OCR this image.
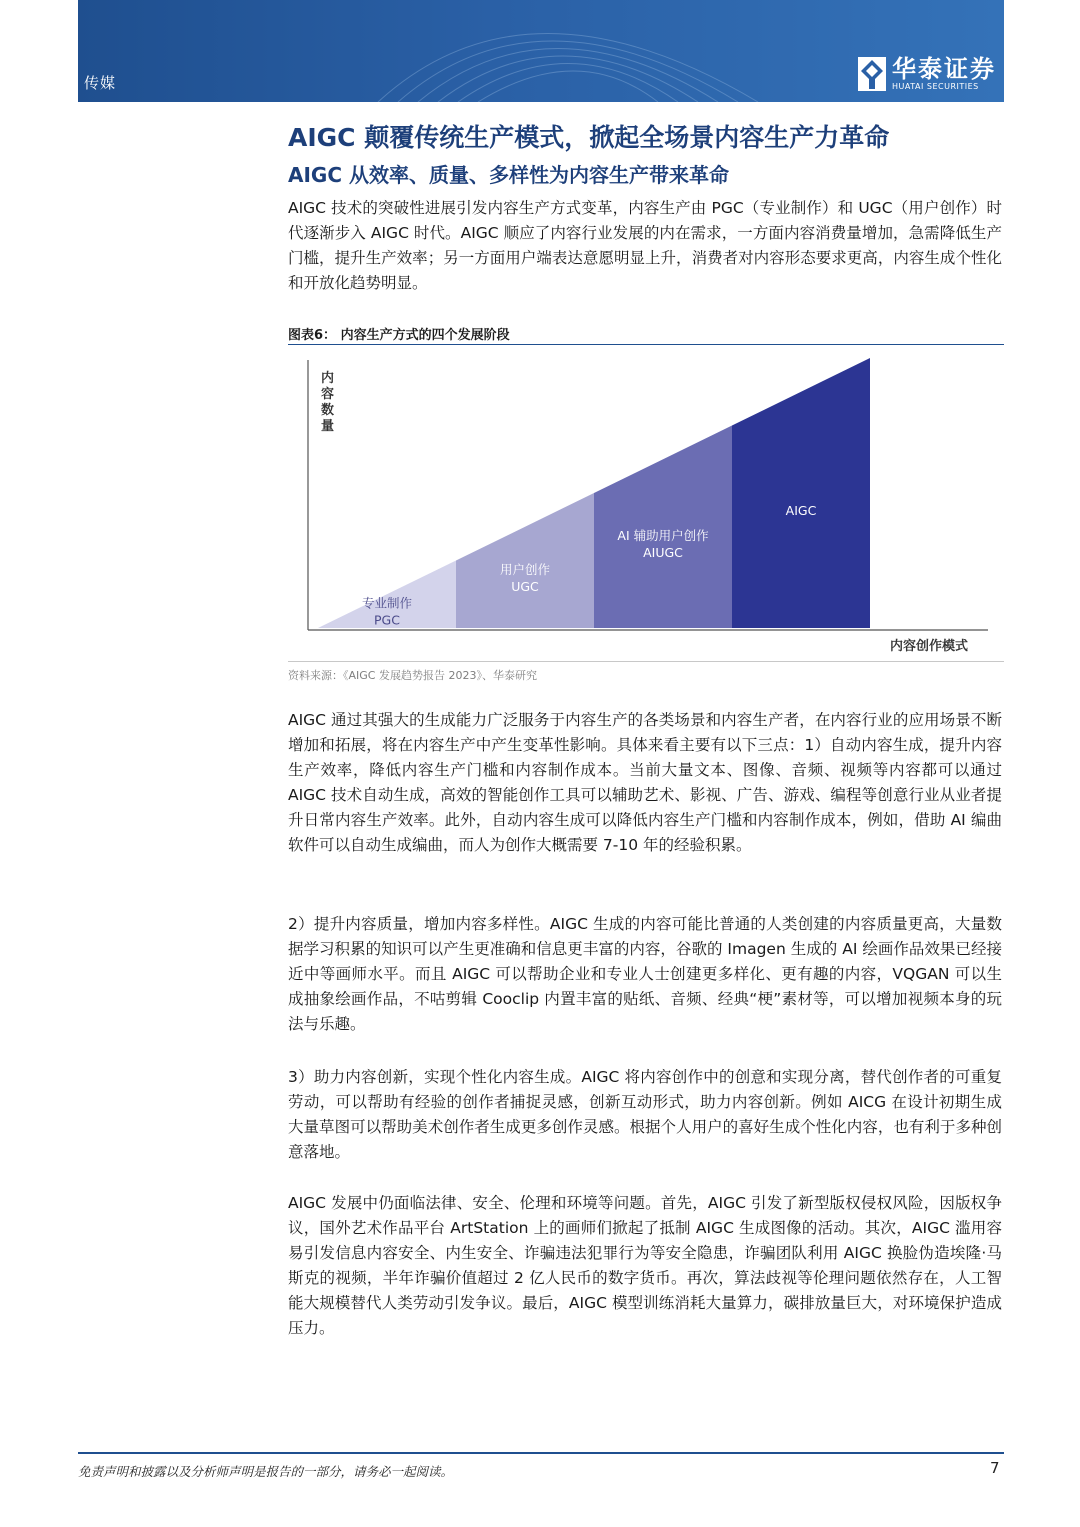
传媒	华泰证券
HUATAI SECURITIES
AIGC 颠覆传统生产模式，掀起全场景内容生产力革命
AIGC 从效率、质量、多样性为内容生产带来革命

AIGC 技术的突破性进展引发内容生产方式变革，内容生产由 PGC（专业制作）和 UGC（用户创作）时代逐渐步入 AIGC 时代。AIGC 顺应了内容行业发展的内在需求，一方面内容消费量增加，急需降低生产门槛，提升生产效率；另一方面用户端表达意愿明显上升，消费者对内容形态要求更高，内容生成个性化和开放化趋势明显。

图表6： 内容生产方式的四个发展阶段
内容数量
内容创作模式
专业制作
PGC
用户创作
UGC
AI 辅助用户创作
AIUGC
AIGC
资料来源：《AIGC 发展趋势报告 2023》、华泰研究

AIGC 通过其强大的生成能力广泛服务于内容生产的各类场景和内容生产者，在内容行业的应用场景不断增加和拓展，将在内容生产中产生变革性影响。具体来看主要有以下三点：1）自动内容生成，提升内容生产效率，降低内容生产门槛和内容制作成本。当前大量文本、图像、音频、视频等内容都可以通过 AIGC 技术自动生成，高效的智能创作工具可以辅助艺术、影视、广告、游戏、编程等创意行业从业者提升日常内容生产效率。此外，自动内容生成可以降低内容生产门槛和内容制作成本，例如，借助 AI 编曲软件可以自动生成编曲，而人为创作大概需要 7-10 年的经验积累。

2）提升内容质量，增加内容多样性。AIGC 生成的内容可能比普通的人类创建的内容质量更高，大量数据学习积累的知识可以产生更准确和信息更丰富的内容，谷歌的 Imagen 生成的 AI 绘画作品效果已经接近中等画师水平。而且 AIGC 可以帮助企业和专业人士创建更多样化、更有趣的内容，VQGAN 可以生成抽象绘画作品，不咕剪辑 Cooclip 内置丰富的贴纸、音频、经典“梗”素材等，可以增加视频本身的玩法与乐趣。

3）助力内容创新，实现个性化内容生成。AIGC 将内容创作中的创意和实现分离，替代创作者的可重复劳动，可以帮助有经验的创作者捕捉灵感，创新互动形式，助力内容创新。例如 AICG 在设计初期生成大量草图可以帮助美术创作者生成更多创作灵感。根据个人用户的喜好生成个性化内容，也有利于多种创意落地。

AIGC 发展中仍面临法律、安全、伦理和环境等问题。首先，AIGC 引发了新型版权侵权风险，因版权争议，国外艺术作品平台 ArtStation 上的画师们掀起了抵制 AIGC 生成图像的活动。其次，AIGC 滥用容易引发信息内容安全、内生安全、诈骗违法犯罪行为等安全隐患，诈骗团队利用 AIGC 换脸伪造埃隆·马斯克的视频，半年诈骗价值超过 2 亿人民币的数字货币。再次，算法歧视等伦理问题依然存在，人工智能大规模替代人类劳动引发争议。最后，AIGC 模型训练消耗大量算力，碳排放量巨大，对环境保护造成压力。

免责声明和披露以及分析师声明是报告的一部分，请务必一起阅读。	7
